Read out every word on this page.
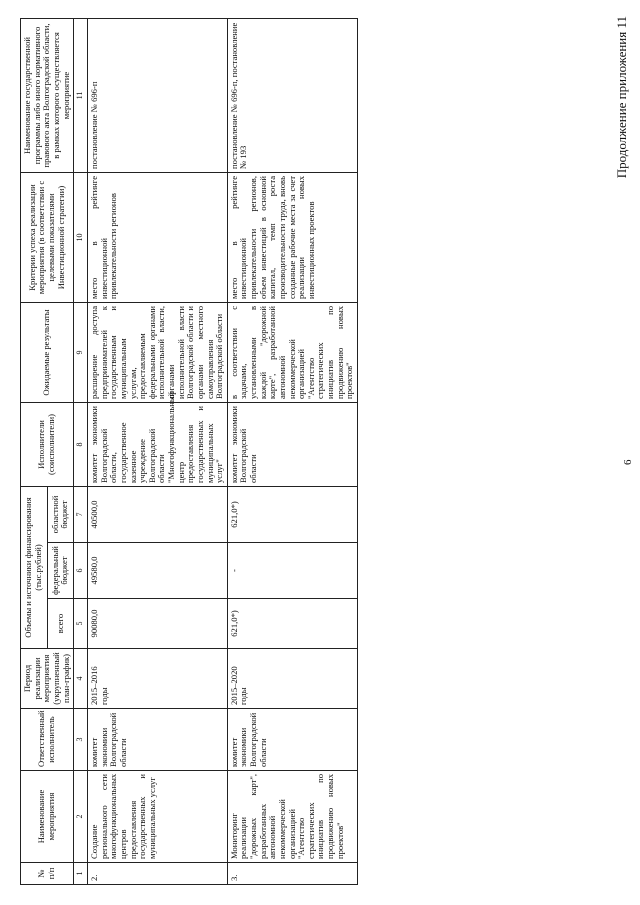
6
Продолжение приложения 11
№ п/п	Наименование мероприятия	Ответственный исполнитель	Период реализации мероприятия (укрупненный план-график)	Объемы и источники финансирования (тыс.рублей)			Исполнители (соисполнители)	Ожидаемые результаты	Критерии успеха реализации мероприятия (в соответствии с целевыми показателями Инвестиционной стратегии)	Наименование государственной программы либо иного нормативного правового акта Волгоградской области, в рамках которого осуществляется мероприятие
				всего	федеральный бюджет	областной бюджет				
1	2	3	4	5	6	7	8	9	10	11
2.	Создание регионального сети многофункциональных центров предоставления государственных и муниципальных услуг	комитет экономики Волгоградской области	2015–2016 годы	90080,0	49580,0	40500,0	комитет экономики Волгоградской области, государственное казенное учреждение Волгоградской области "Многофункциональный центр предоставления государственных и муниципальных услуг"	расширение доступа предпринимателей к государственным и муниципальным услугам, предоставляемым федеральными органами исполнительной власти, органами исполнительной власти Волгоградской области и органами местного самоуправления Волгоградской области	место в рейтинге инвестиционной привлекательности регионов	постановление № 696-п
3.	Мониторинг реализации "дорожных карт", разработанных автономной некоммерческой организацией "Агентство стратегических инициатив по продвижению новых проектов"	комитет экономики Волгоградской области	2015–2020 годы	621,0*)	-	621,0*)	комитет экономики Волгоградской области	в соответствии с задачами, установленными в каждой "дорожной карте", разработанной автономной некоммерческой организацией "Агентство стратегических инициатив по продвижению новых проектов"	место в рейтинге инвестиционной привлекательности регионов, объем инвестиций в основной капитал, темп роста производительности труда, вновь созданные рабочие места за счет реализации новых инвестиционных проектов	постановление № 696-п, постановление № 193
